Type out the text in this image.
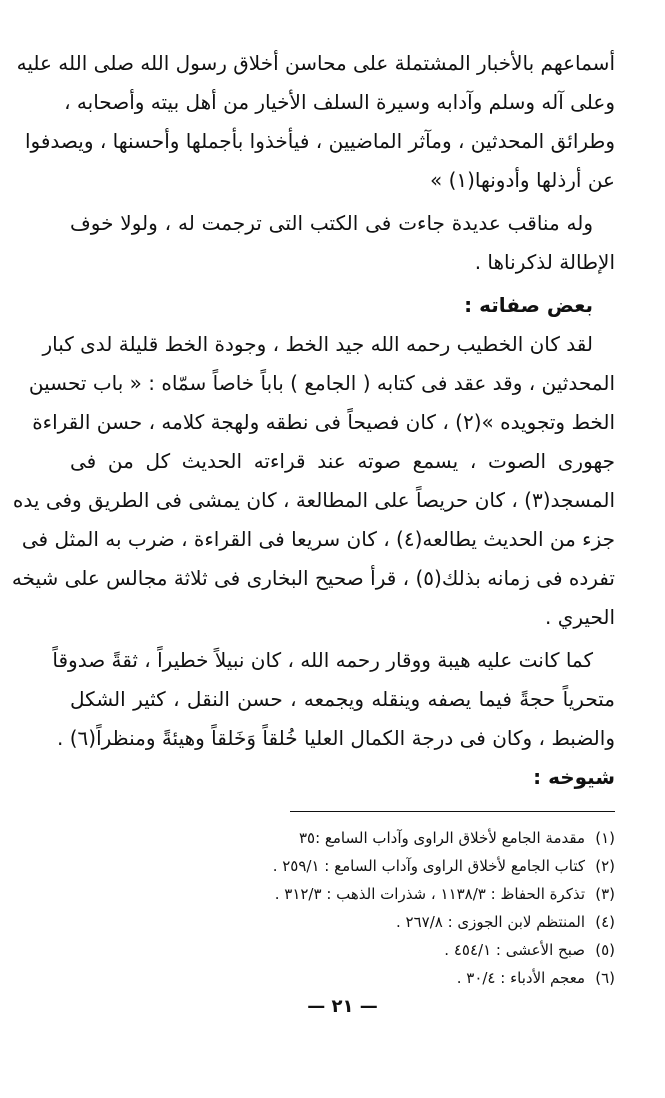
أسماعهم بالأخبار المشتملة على محاسن أخلاق رسول الله صلى الله عليه
وعلى آله وسلم وآدابه وسيرة السلف الأخيار من أهل بيته وأصحابه ،
وطرائق المحدثين ، ومآثر الماضيين ، فيأخذوا بأجملها وأحسنها ، ويصدفوا
عن أرذلها وأدونها(١) »
وله مناقب عديدة جاءت فى الكتب التى ترجمت له ، ولولا خوف
الإطالة لذكرناها .
بعض صفاته :
لقد كان الخطيب رحمه الله جيد الخط ، وجودة الخط قليلة لدى كبار
المحدثين ، وقد عقد فى كتابه ( الجامع ) باباً خاصاً سمّاه : « باب تحسين
الخط وتجويده »(٢) ، كان فصيحاً فى نطقه ولهجة كلامه ، حسن القراءة
جهورى الصوت ، يسمع صوته عند قراءته الحديث كل من فى
المسجد(٣) ، كان حريصاً على المطالعة ، كان يمشى فى الطريق وفى يده
جزء من الحديث يطالعه(٤) ، كان سريعا فى القراءة ، ضرب به المثل فى
تفرده فى زمانه بذلك(٥) ، قرأ صحيح البخارى فى ثلاثة مجالس على شيخه
الحيري .
كما كانت عليه هيبة ووقار رحمه الله ، كان نبيلاً خطيراً ، ثقةً صدوقاً
متحرياً حجةً فيما يصفه وينقله ويجمعه ، حسن النقل ، كثير الشكل
والضبط ، وكان فى درجة الكمال العليا خُلقاً وَخَلقاً وهيئةً ومنظراً(٦) .
شيوخه :
(١)
مقدمة الجامع لأخلاق الراوى وآداب السامع :٣٥
(٢)
كتاب الجامع لأخلاق الراوى وآداب السامع : ٢٥٩/١ .
(٣)
تذكرة الحفاظ : ١١٣٨/٣ ، شذرات الذهب : ٣١٢/٣ .
(٤)
المنتظم لابن الجوزى : ٢٦٧/٨ .
(٥)
صبح الأعشى : ٤٥٤/١ .
(٦)
معجم الأدباء : ٣٠/٤ .
— ٢١ —
